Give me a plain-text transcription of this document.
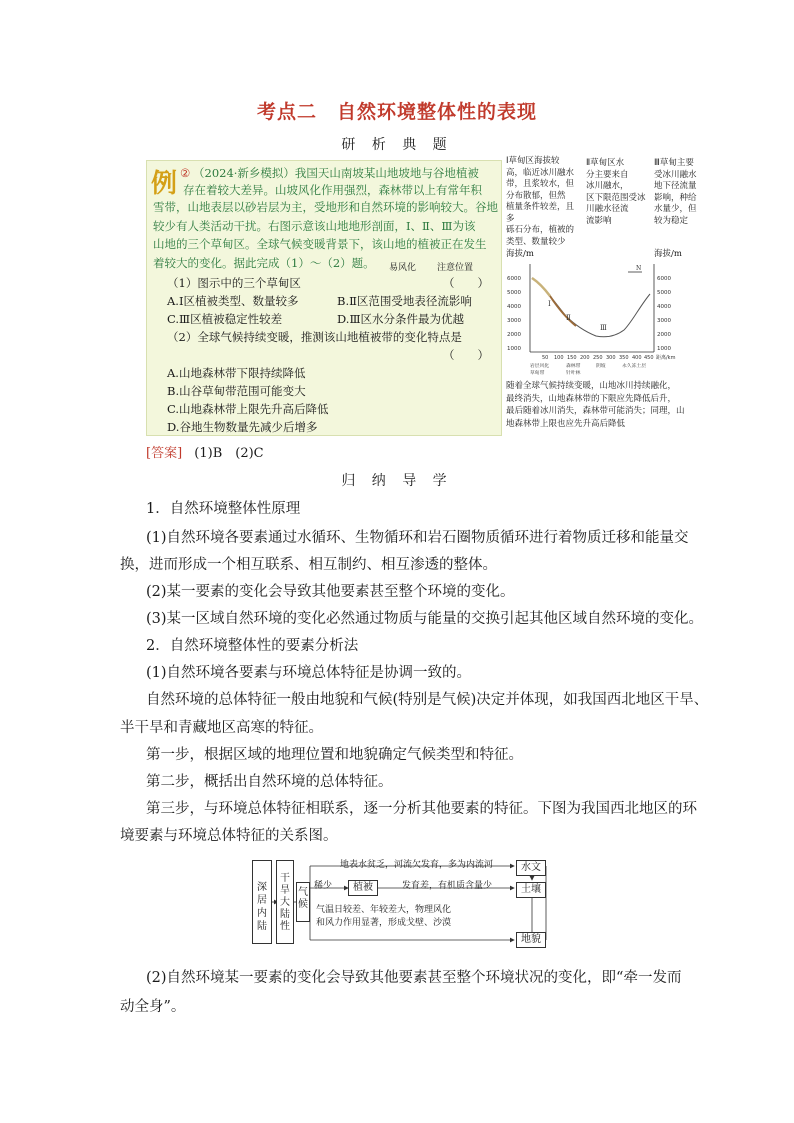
考点二　自然环境整体性的表现
研 析 典 题
例 ② （2024·新乡模拟）我国天山南坡某山地坡地与谷地植被
存在着较大差异。山坡风化作用强烈，森林带以上有常年积
雪带，山地表层以砂岩层为主，受地形和自然环境的影响较大。谷地
较少有人类活动干扰。右图示意该山地地形剖面，Ⅰ、Ⅱ、Ⅲ为该
山地的三个草甸区。全球气候变暖背景下，该山地的植被正在发生
着较大的变化。据此完成（1）～（2）题。	易风化 注意位置
（1）图示中的三个草甸区	（　　）
A.Ⅰ区植被类型、数量较多	B.Ⅱ区范围受地表径流影响
C.Ⅲ区植被稳定性较差	D.Ⅲ区水分条件最为优越
（2）全球气候持续变暖，推测该山地植被带的变化特点是
（　　）
A.山地森林带下限持续降低
B.山谷草甸带范围可能变大
C.山地森林带上限先升高后降低
D.谷地生物数量先减少后增多
Ⅰ草甸区海拔较
高，临近冰川融水
带，且浆较水，但
分布散郁，但然
植量条件较差，且多
砾石分布，植被的
类型、数量较少
Ⅱ草甸区水
分主要来自
冰川融水，
区下限范围受冰
川融水径流
流影响
Ⅲ草甸主要
受冰川融水
地下径流量
影响，种给
水量少，但
较为稳定
海拔/m	海拔/m
6000
5000
4000
3000
2000
1000
6000
5000
4000
3000
2000
1000
Ⅰ
Ⅱ
Ⅲ
N
50 100 150 200 250 300 350 400 450 距离/km
岩层风化	森林带	阴坡	永久冻土层
草甸带	针叶林
随着全球气候持续变暖，山地冰川持续融化，
最终消失，山地森林带的下限应先降低后升，
最后随着冰川消失，森林带可能消失；同理，山
地森林带上限也应先升高后降低
[答案] (1)B　(2)C
归 纳 导 学
1．自然环境整体性原理
(1)自然环境各要素通过水循环、生物循环和岩石圈物质循环进行着物质迁移和能量交
换，进而形成一个相互联系、相互制约、相互渗透的整体。
(2)某一要素的变化会导致其他要素甚至整个环境的变化。
(3)某一区域自然环境的变化必然通过物质与能量的交换引起其他区域自然环境的变化。
2．自然环境整体性的要素分析法
(1)自然环境各要素与环境总体特征是协调一致的。
自然环境的总体特征一般由地貌和气候(特别是气候)决定并体现，如我国西北地区干旱、
半干旱和青藏地区高寒的特征。
第一步，根据区域的地理位置和地貌确定气候类型和特征。
第二步，概括出自然环境的总体特征。
第三步，与环境总体特征相联系，逐一分析其他要素的特征。下图为我国西北地区的环
境要素与环境总体特征的关系图。
深居内陆
干旱大陆性
气候
地表水贫乏，河流欠发育，多为内流河
稀少	植被	发育差，有机质含量少
气温日较差、年较差大，物理风化
和风力作用显著，形成戈壁、沙漠
水文
土壤
地貌
(2)自然环境某一要素的变化会导致其他要素甚至整个环境状况的变化，即“牵一发而
动全身”。
